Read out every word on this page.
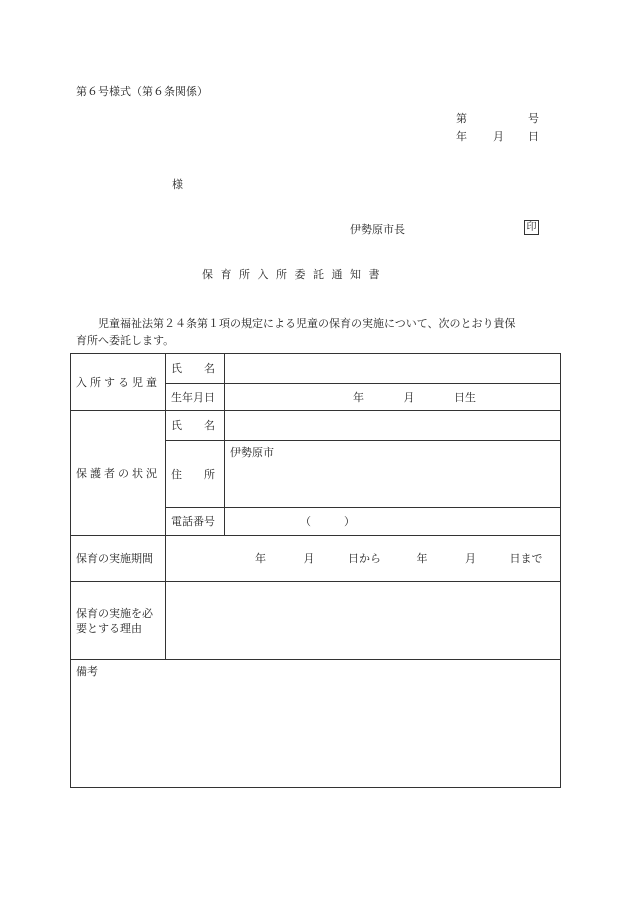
第６号様式（第６条関係）
第	号
年 月 日
様
伊勢原市長	印
保 育 所 入 所 委 託 通 知 書
児童福祉法第２４条第１項の規定による児童の保育の実施について、次のとおり貴保
育所へ委託します。
入所する児童	氏　　名	
	生年月日	年 月 日生
保護者の状況	氏　　名	
	住　　所	伊勢原市
	電話番号	（　　　）
保育の実施期間	年 月 日から 年 月 日まで	
保育の実施を必要とする理由		
備考		
